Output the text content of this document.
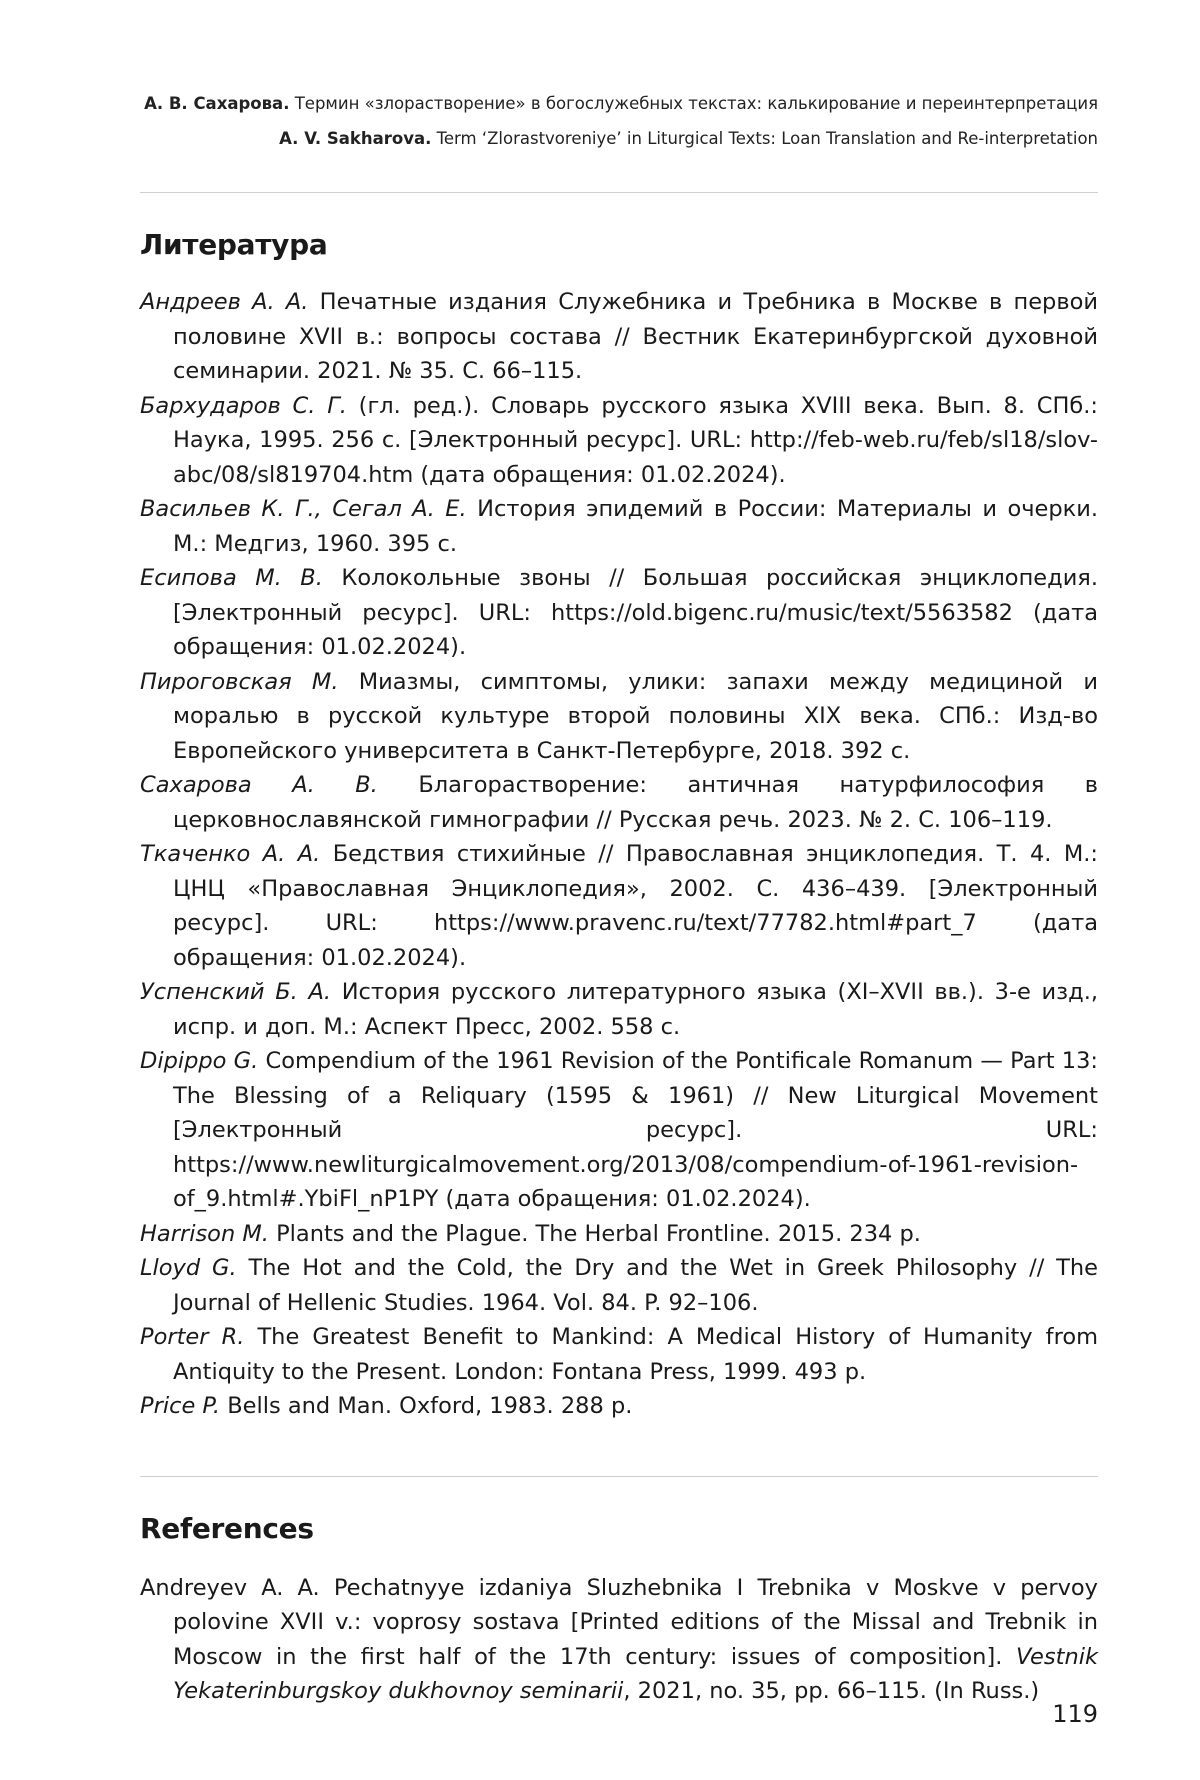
А. В. Сахарова. Термин «злорастворение» в богослужебных текстах: калькирование и переинтерпретация
A. V. Sakharova. Term ‘Zlorastvoreniye’ in Liturgical Texts: Loan Translation and Re-interpretation
Литература

Андреев А. А. Печатные издания Служебника и Требника в Москве в первой половине XVII в.: вопросы состава // Вестник Екатеринбургской духовной семинарии. 2021. № 35. С. 66–115.

Бархударов С. Г. (гл. ред.). Словарь русского языка XVIII века. Вып. 8. СПб.: Наука, 1995. 256 с. [Электронный ресурс]. URL: http://feb-web.ru/feb/sl18/slov-abc/08/sl819704.htm (дата обращения: 01.02.2024).

Васильев К. Г., Сегал А. Е. История эпидемий в России: Материалы и очерки. М.: Медгиз, 1960. 395 с.

Есипова М. В. Колокольные звоны // Большая российская энциклопедия. [Электронный ресурс]. URL: https://old.bigenc.ru/music/text/5563582 (дата обращения: 01.02.2024).

Пироговская М. Миазмы, симптомы, улики: запахи между медициной и моралью в русской культуре второй половины XIX века. СПб.: Изд-во Европейского университета в Санкт-Петербурге, 2018. 392 с.

Сахарова А. В. Благорастворение: античная натурфилософия в церковнославянской гимнографии // Русская речь. 2023. № 2. С. 106–119.

Ткаченко А. А. Бедствия стихийные // Православная энциклопедия. Т. 4. М.: ЦНЦ «Православная Энциклопедия», 2002. С. 436–439. [Электронный ресурс]. URL: https://www.pravenc.ru/text/77782.html#part_7 (дата обращения: 01.02.2024).

Успенский Б. А. История русского литературного языка (XI–XVII вв.). 3-е изд., испр. и доп. М.: Аспект Пресс, 2002. 558 с.

Dipippo G. Compendium of the 1961 Revision of the Pontificale Romanum — Part 13: The Blessing of a Reliquary (1595 & 1961) // New Liturgical Movement [Электронный ресурс]. URL: https://www.newliturgicalmovement.org/2013/08/compendium-of-1961-revision-of_9.html#.YbiFl_nP1PY (дата обращения: 01.02.2024).

Harrison M. Plants and the Plague. The Herbal Frontline. 2015. 234 p.

Lloyd G. The Hot and the Cold, the Dry and the Wet in Greek Philosophy // The Journal of Hellenic Studies. 1964. Vol. 84. P. 92–106.

Porter R. The Greatest Benefit to Mankind: A Medical History of Humanity from Antiquity to the Present. London: Fontana Press, 1999. 493 p.

Price P. Bells and Man. Oxford, 1983. 288 p.

References

Andreyev A. A. Pechatnyye izdaniya Sluzhebnika I Trebnika v Moskve v pervoy polovine XVII v.: voprosy sostava [Printed editions of the Missal and Trebnik in Moscow in the first half of the 17th century: issues of composition]. Vestnik Yekaterinburgskoy dukhovnoy seminarii, 2021, no. 35, pp. 66–115. (In Russ.)

119
